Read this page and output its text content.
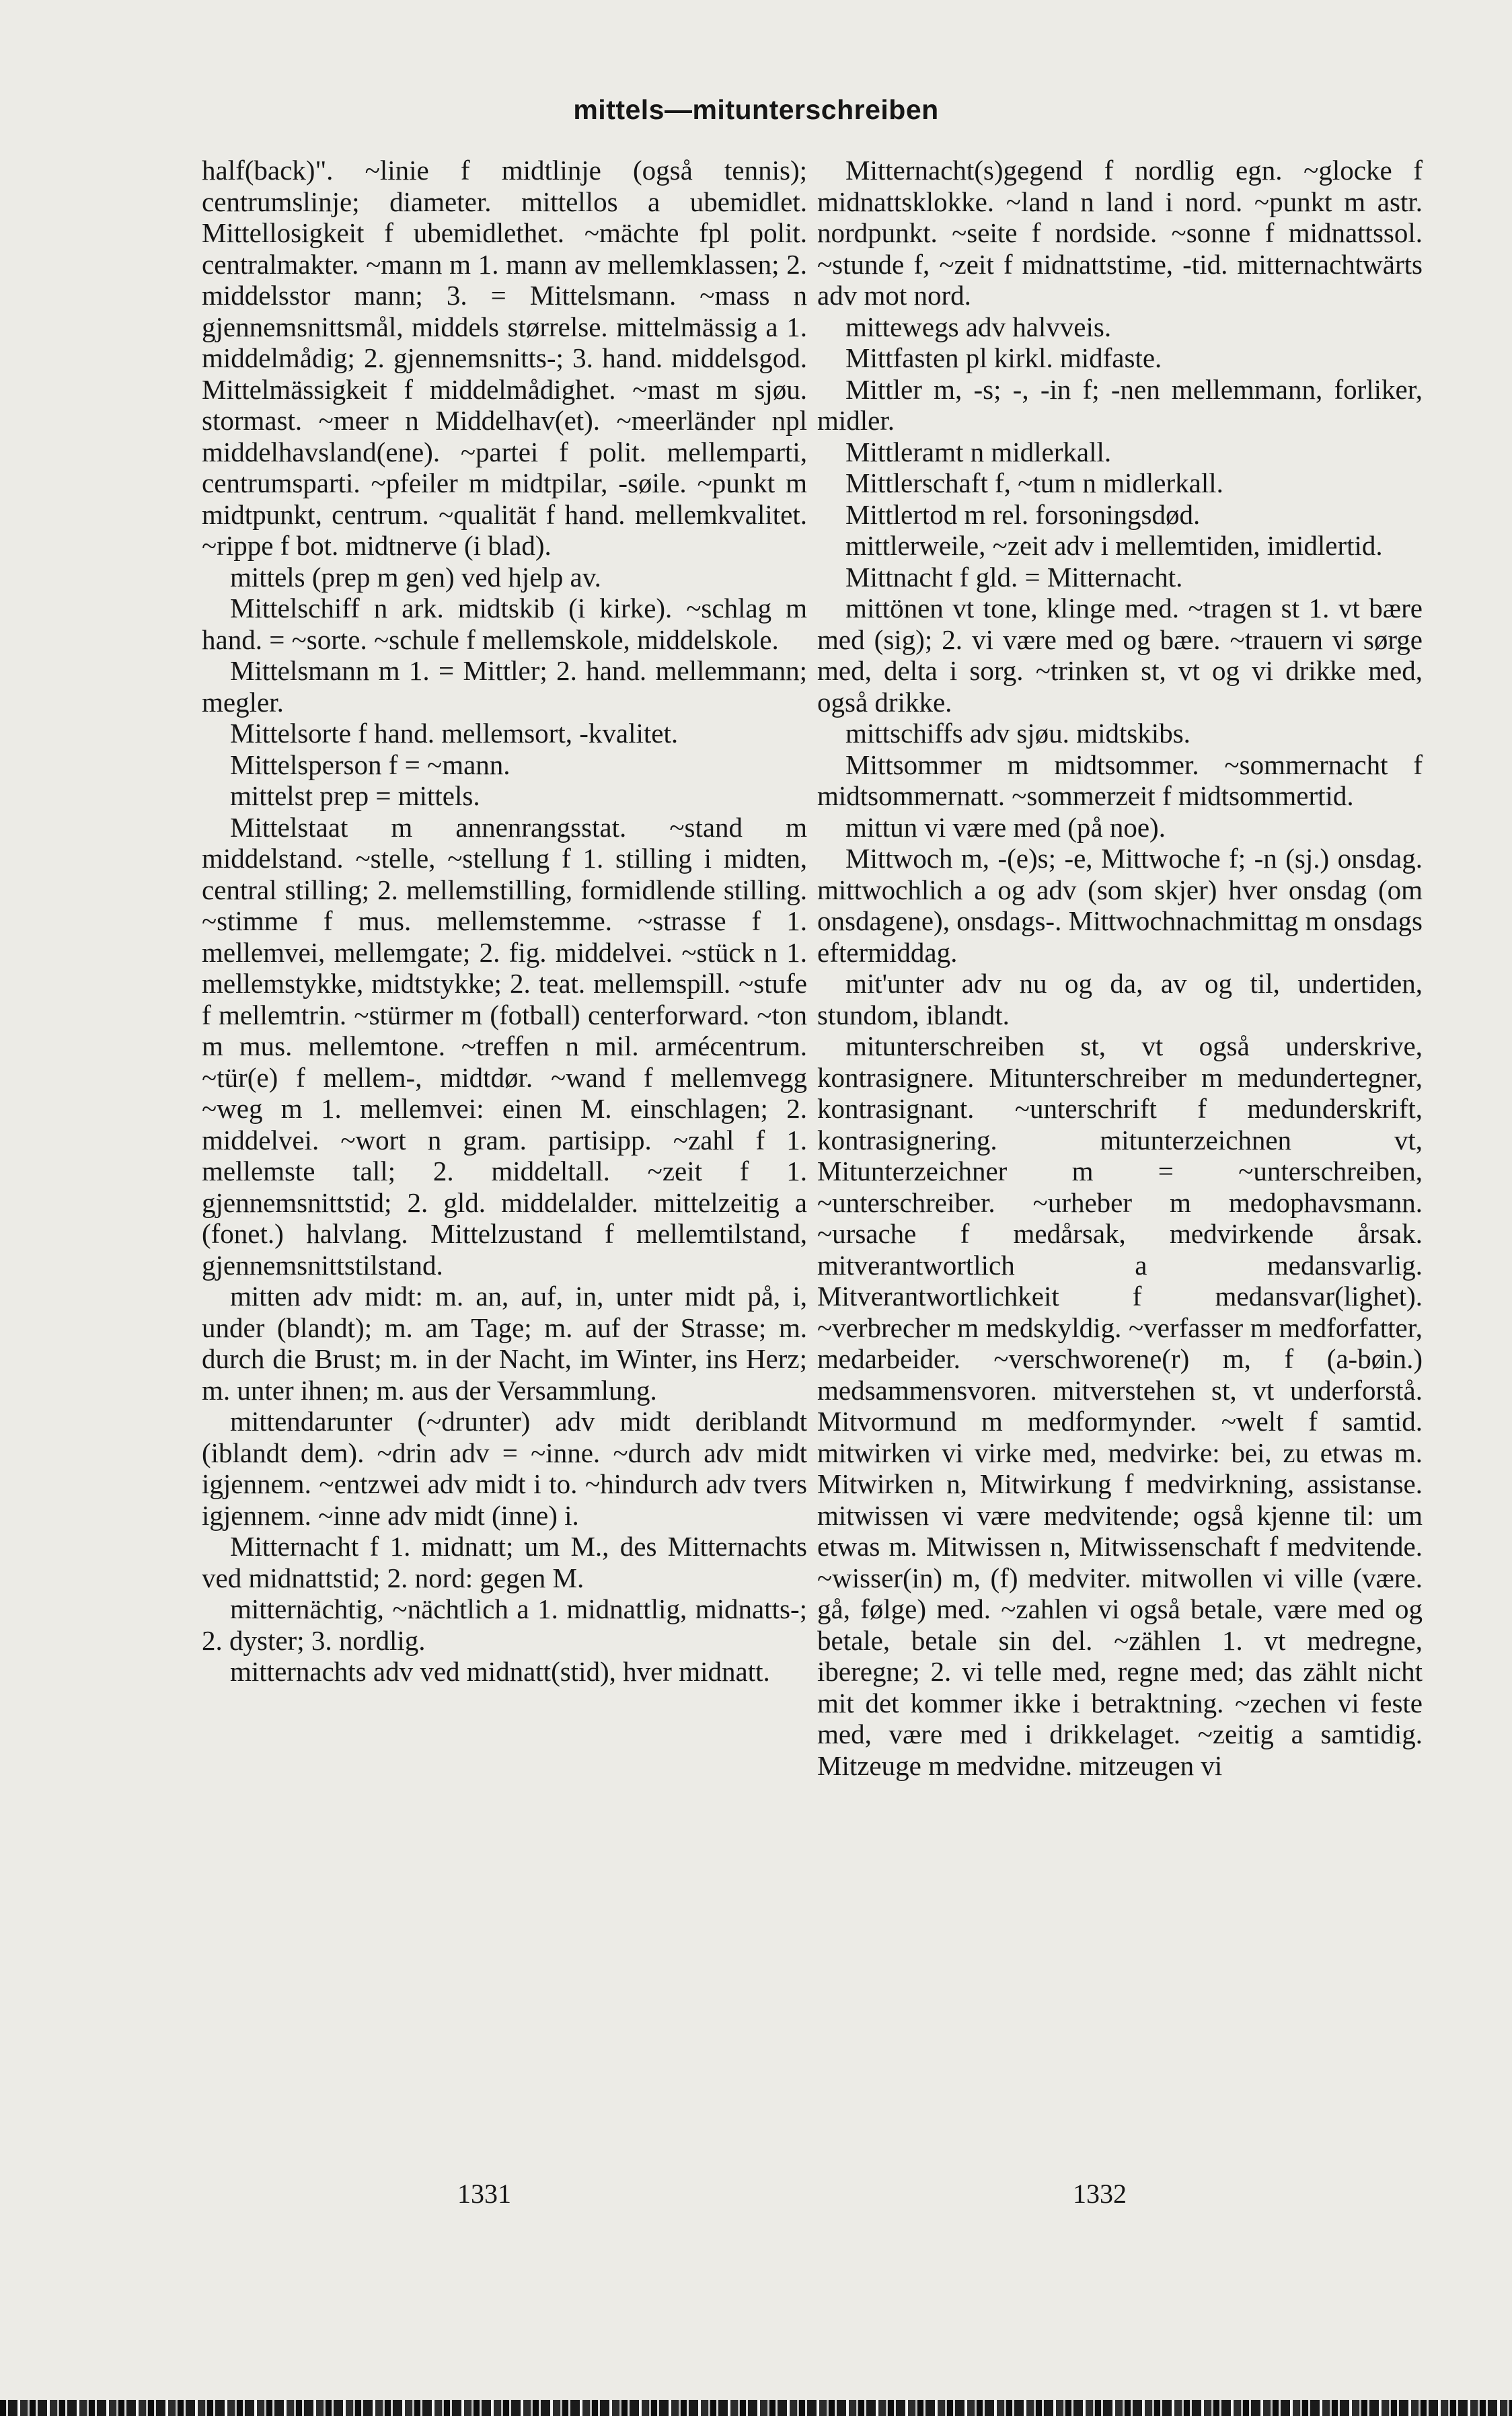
mittels—mitunterschreiben

half(back)". ~linie f midtlinje (også tennis); centrumslinje; diameter. mittellos a ubemidlet. Mittellosigkeit f ubemidlethet. ~mächte fpl polit. centralmakter. ~mann m 1. mann av mellemklassen; 2. middelsstor mann; 3. = Mittelsmann. ~mass n gjennemsnittsmål, middels størrelse. mittelmässig a 1. middelmådig; 2. gjennemsnitts-; 3. hand. middelsgod. Mittelmässigkeit f middelmådighet. ~mast m sjøu. stormast. ~meer n Middelhav(et). ~meerländer npl middelhavsland(ene). ~partei f polit. mellemparti, centrumsparti. ~pfeiler m midtpilar, -søile. ~punkt m midtpunkt, centrum. ~qualität f hand. mellemkvalitet. ~rippe f bot. midtnerve (i blad).

mittels (prep m gen) ved hjelp av.

Mittelschiff n ark. midtskib (i kirke). ~schlag m hand. = ~sorte. ~schule f mellemskole, middelskole.

Mittelsmann m 1. = Mittler; 2. hand. mellemmann; megler.

Mittelsorte f hand. mellemsort, -kvalitet.

Mittelsperson f = ~mann.

mittelst prep = mittels.

Mittelstaat m annenrangsstat. ~stand m middelstand. ~stelle, ~stellung f 1. stilling i midten, central stilling; 2. mellemstilling, formidlende stilling. ~stimme f mus. mellemstemme. ~strasse f 1. mellemvei, mellemgate; 2. fig. middelvei. ~stück n 1. mellemstykke, midtstykke; 2. teat. mellemspill. ~stufe f mellemtrin. ~stürmer m (fotball) centerforward. ~ton m mus. mellemtone. ~treffen n mil. armécentrum. ~tür(e) f mellem-, midtdør. ~wand f mellemvegg ~weg m 1. mellemvei: einen M. einschlagen; 2. middelvei. ~wort n gram. partisipp. ~zahl f 1. mellemste tall; 2. middeltall. ~zeit f 1. gjennemsnittstid; 2. gld. middelalder. mittelzeitig a (fonet.) halvlang. Mittelzustand f mellemtilstand, gjennemsnittstilstand.

mitten adv midt: m. an, auf, in, unter midt på, i, under (blandt); m. am Tage; m. auf der Strasse; m. durch die Brust; m. in der Nacht, im Winter, ins Herz; m. unter ihnen; m. aus der Versammlung.

mittendarunter (~drunter) adv midt deriblandt (iblandt dem). ~drin adv = ~inne. ~durch adv midt igjennem. ~entzwei adv midt i to. ~hindurch adv tvers igjennem. ~inne adv midt (inne) i.

Mitternacht f 1. midnatt; um M., des Mitternachts ved midnattstid; 2. nord: gegen M.

mitternächtig, ~nächtlich a 1. midnattlig, midnatts-; 2. dyster; 3. nordlig.

mitternachts adv ved midnatt(stid), hver midnatt.

Mitternacht(s)gegend f nordlig egn. ~glocke f midnattsklokke. ~land n land i nord. ~punkt m astr. nordpunkt. ~seite f nordside. ~sonne f midnattssol. ~stunde f, ~zeit f midnattstime, -tid. mitternachtwärts adv mot nord.

mittewegs adv halvveis.

Mittfasten pl kirkl. midfaste.

Mittler m, -s; -, -in f; -nen mellemmann, forliker, midler.

Mittleramt n midlerkall.

Mittlerschaft f, ~tum n midlerkall.

Mittlertod m rel. forsoningsdød.

mittlerweile, ~zeit adv i mellemtiden, imidlertid.

Mittnacht f gld. = Mitternacht.

mittönen vt tone, klinge med. ~tragen st 1. vt bære med (sig); 2. vi være med og bære. ~trauern vi sørge med, delta i sorg. ~trinken st, vt og vi drikke med, også drikke.

mittschiffs adv sjøu. midtskibs.

Mittsommer m midtsommer. ~sommernacht f midtsommernatt. ~sommerzeit f midtsommertid.

mittun vi være med (på noe).

Mittwoch m, -(e)s; -e, Mittwoche f; -n (sj.) onsdag. mittwochlich a og adv (som skjer) hver onsdag (om onsdagene), onsdags-. Mittwochnachmittag m onsdags eftermiddag.

mit'unter adv nu og da, av og til, undertiden, stundom, iblandt.

mitunterschreiben st, vt også underskrive, kontrasignere. Mitunterschreiber m medundertegner, kontrasignant. ~unterschrift f medunderskrift, kontrasignering. mitunterzeichnen vt, Mitunterzeichner m = ~unterschreiben, ~unterschreiber. ~urheber m medophavsmann. ~ursache f medårsak, medvirkende årsak. mitverantwortlich a medansvarlig. Mitverantwortlichkeit f medansvar(lighet). ~verbrecher m medskyldig. ~verfasser m medforfatter, medarbeider. ~verschworene(r) m, f (a-bøin.) medsammensvoren. mitverstehen st, vt underforstå. Mitvormund m medformynder. ~welt f samtid. mitwirken vi virke med, medvirke: bei, zu etwas m. Mitwirken n, Mitwirkung f medvirkning, assistanse. mitwissen vi være medvitende; også kjenne til: um etwas m. Mitwissen n, Mitwissenschaft f medvitende. ~wisser(in) m, (f) medviter. mitwollen vi ville (være. gå, følge) med. ~zahlen vi også betale, være med og betale, betale sin del. ~zählen 1. vt medregne, iberegne; 2. vi telle med, regne med; das zählt nicht mit det kommer ikke i betraktning. ~zechen vi feste med, være med i drikkelaget. ~zeitig a samtidig. Mitzeuge m medvidne. mitzeugen vi

1331	1332
